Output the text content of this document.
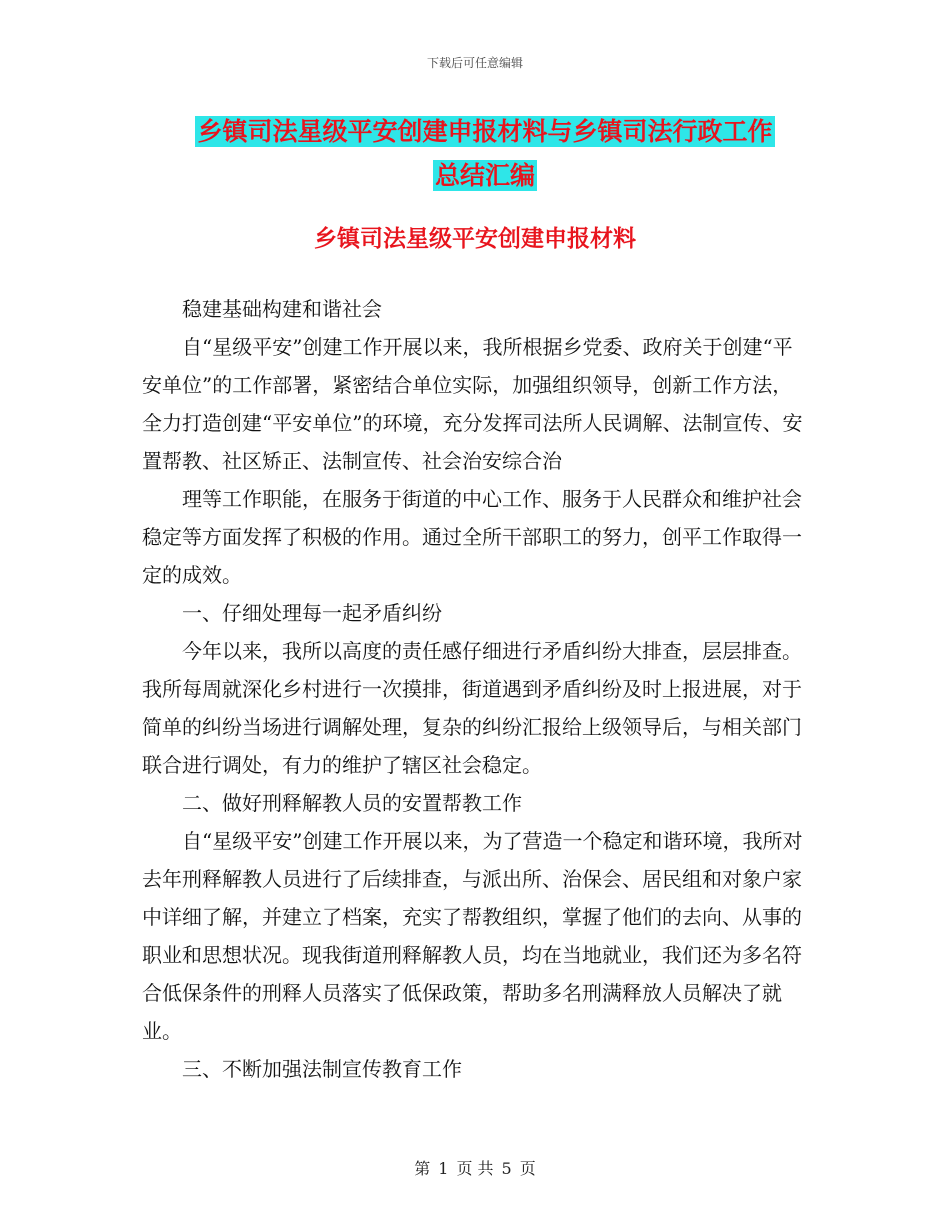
下载后可任意编辑
乡镇司法星级平安创建申报材料与乡镇司法行政工作
总结汇编
乡镇司法星级平安创建申报材料

稳建基础构建和谐社会

自“星级平安”创建工作开展以来，我所根据乡党委、政府关于创建“平安单位”的工作部署，紧密结合单位实际，加强组织领导，创新工作方法，全力打造创建“平安单位”的环境，充分发挥司法所人民调解、法制宣传、安置帮教、社区矫正、法制宣传、社会治安综合治

理等工作职能，在服务于街道的中心工作、服务于人民群众和维护社会稳定等方面发挥了积极的作用。通过全所干部职工的努力，创平工作取得一定的成效。

一、仔细处理每一起矛盾纠纷

今年以来，我所以高度的责任感仔细进行矛盾纠纷大排查，层层排查。我所每周就深化乡村进行一次摸排，街道遇到矛盾纠纷及时上报进展，对于简单的纠纷当场进行调解处理，复杂的纠纷汇报给上级领导后，与相关部门联合进行调处，有力的维护了辖区社会稳定。

二、做好刑释解教人员的安置帮教工作

自“星级平安”创建工作开展以来，为了营造一个稳定和谐环境，我所对去年刑释解教人员进行了后续排查，与派出所、治保会、居民组和对象户家中详细了解，并建立了档案，充实了帮教组织，掌握了他们的去向、从事的职业和思想状况。现我街道刑释解教人员，均在当地就业，我们还为多名符合低保条件的刑释人员落实了低保政策，帮助多名刑满释放人员解决了就业。

三、不断加强法制宣传教育工作

第 1 页 共 5 页
